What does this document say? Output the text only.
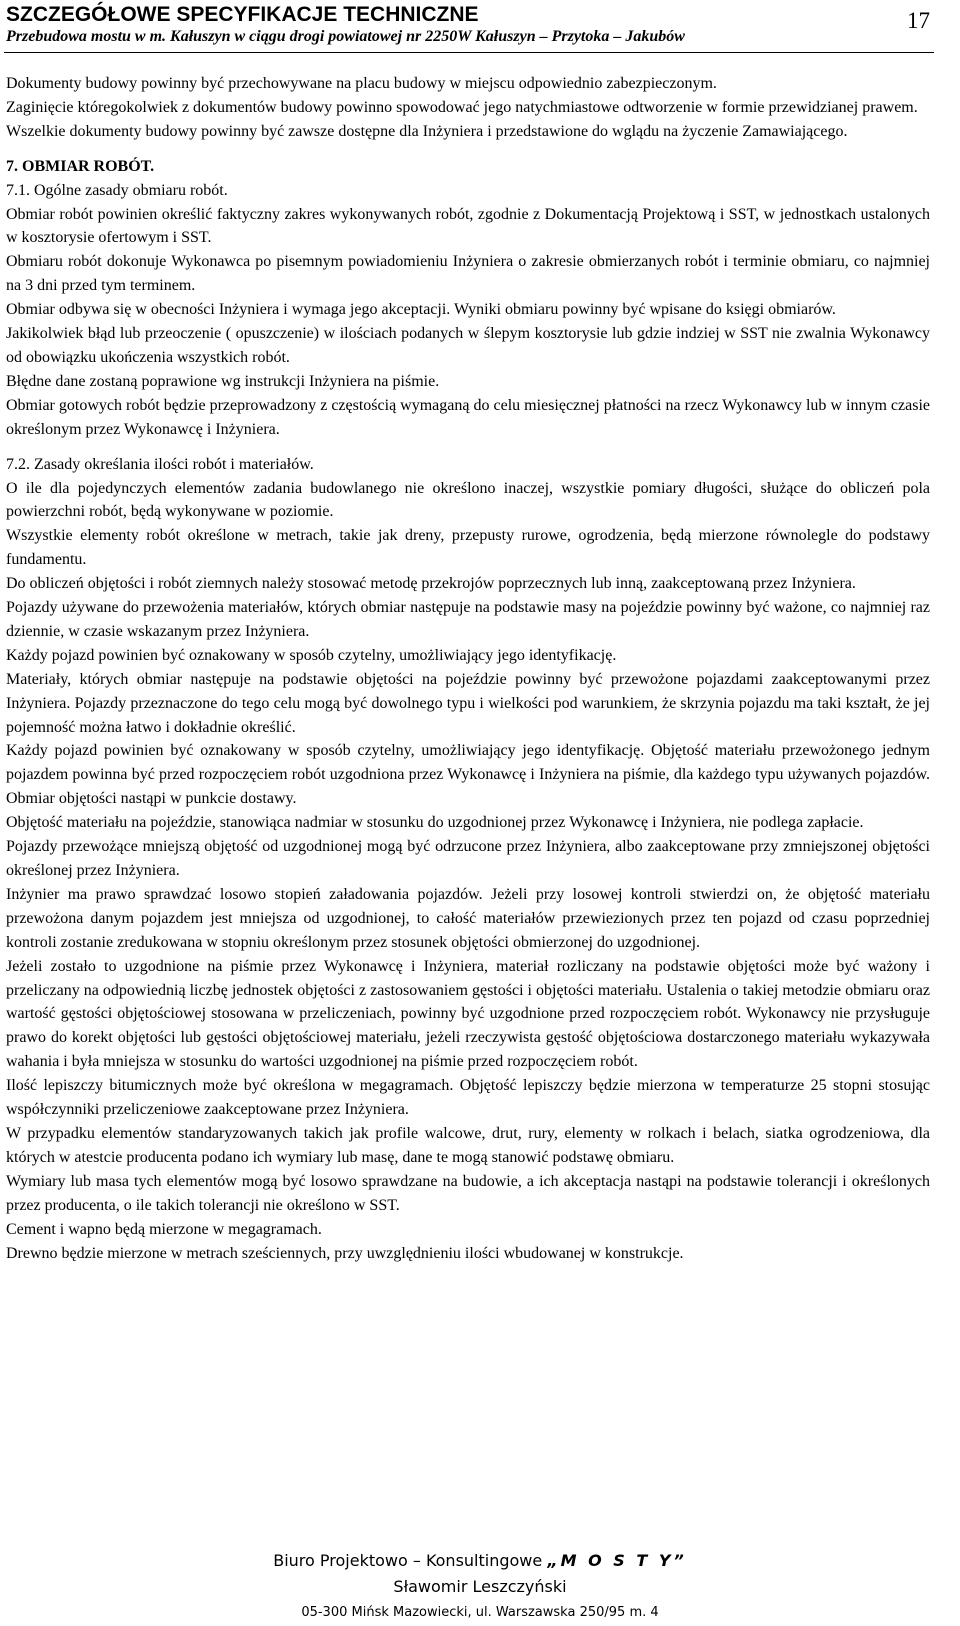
SZCZEGÓŁOWE SPECYFIKACJE TECHNICZNE
Przebudowa mostu w m. Kałuszyn w ciągu drogi powiatowej nr 2250W Kałuszyn – Przytoka – Jakubów
17

Dokumenty budowy powinny być przechowywane na placu budowy w miejscu odpowiednio zabezpieczonym.

Zaginięcie któregokolwiek z dokumentów budowy powinno spowodować jego natychmiastowe odtworzenie w formie przewidzianej prawem.

Wszelkie dokumenty budowy powinny być zawsze dostępne dla Inżyniera i przedstawione do wglądu na życzenie Zamawiającego.

7. OBMIAR ROBÓT.

7.1. Ogólne zasady obmiaru robót.

Obmiar robót powinien określić faktyczny zakres wykonywanych robót, zgodnie z Dokumentacją Projektową i SST, w jednostkach ustalonych w kosztorysie ofertowym i SST.

Obmiaru robót dokonuje Wykonawca po pisemnym powiadomieniu Inżyniera o zakresie obmierzanych robót i terminie obmiaru, co najmniej na 3 dni przed tym terminem.

Obmiar odbywa się w obecności Inżyniera i wymaga jego akceptacji. Wyniki obmiaru powinny być wpisane do księgi obmiarów.

Jakikolwiek błąd lub przeoczenie ( opuszczenie) w ilościach podanych w ślepym kosztorysie lub gdzie indziej w SST nie zwalnia Wykonawcy od obowiązku ukończenia wszystkich robót.

Błędne dane zostaną poprawione wg instrukcji Inżyniera na piśmie.

Obmiar gotowych robót będzie przeprowadzony z częstością wymaganą do celu miesięcznej płatności na rzecz Wykonawcy lub w innym czasie określonym przez Wykonawcę i Inżyniera.

7.2. Zasady określania ilości robót i materiałów.

O ile dla pojedynczych elementów zadania budowlanego nie określono inaczej, wszystkie pomiary długości, służące do obliczeń pola powierzchni robót, będą wykonywane w poziomie.

Wszystkie elementy robót określone w metrach, takie jak dreny, przepusty rurowe, ogrodzenia, będą mierzone równolegle do podstawy fundamentu.

Do obliczeń objętości i robót ziemnych należy stosować metodę przekrojów poprzecznych lub inną, zaakceptowaną przez Inżyniera.

Pojazdy używane do przewożenia materiałów, których obmiar następuje na podstawie masy na pojeździe powinny być ważone, co najmniej raz dziennie, w czasie wskazanym przez Inżyniera.

Każdy pojazd powinien być oznakowany w sposób czytelny, umożliwiający jego identyfikację.

Materiały, których obmiar następuje na podstawie objętości na pojeździe powinny być przewożone pojazdami zaakceptowanymi przez Inżyniera. Pojazdy przeznaczone do tego celu mogą być dowolnego typu i wielkości pod warunkiem, że skrzynia pojazdu ma taki kształt, że jej pojemność można łatwo i dokładnie określić.

Każdy pojazd powinien być oznakowany w sposób czytelny, umożliwiający jego identyfikację. Objętość materiału przewożonego jednym pojazdem powinna być przed rozpoczęciem robót uzgodniona przez Wykonawcę i Inżyniera na piśmie, dla każdego typu używanych pojazdów. Obmiar objętości nastąpi w punkcie dostawy.

Objętość materiału na pojeździe, stanowiąca nadmiar w stosunku do uzgodnionej przez Wykonawcę i Inżyniera, nie podlega zapłacie.

Pojazdy przewożące mniejszą objętość od uzgodnionej mogą być odrzucone przez Inżyniera, albo zaakceptowane przy zmniejszonej objętości określonej przez Inżyniera.

Inżynier ma prawo sprawdzać losowo stopień załadowania pojazdów. Jeżeli przy losowej kontroli stwierdzi on, że objętość materiału przewożona danym pojazdem jest mniejsza od uzgodnionej, to całość materiałów przewiezionych przez ten pojazd od czasu poprzedniej kontroli zostanie zredukowana w stopniu określonym przez stosunek objętości obmierzonej do uzgodnionej.

Jeżeli zostało to uzgodnione na piśmie przez Wykonawcę i Inżyniera, materiał rozliczany na podstawie objętości może być ważony i przeliczany na odpowiednią liczbę jednostek objętości z zastosowaniem gęstości i objętości materiału. Ustalenia o takiej metodzie obmiaru oraz wartość gęstości objętościowej stosowana w przeliczeniach, powinny być uzgodnione przed rozpoczęciem robót. Wykonawcy nie przysługuje prawo do korekt objętości lub gęstości objętościowej materiału, jeżeli rzeczywista gęstość objętościowa dostarczonego materiału wykazywała wahania i była mniejsza w stosunku do wartości uzgodnionej na piśmie przed rozpoczęciem robót.

Ilość lepiszczy bitumicznych może być określona w megagramach. Objętość lepiszczy będzie mierzona w temperaturze 25 stopni stosując współczynniki przeliczeniowe zaakceptowane przez Inżyniera.

W przypadku elementów standaryzowanych takich jak profile walcowe, drut, rury, elementy w rolkach i belach, siatka ogrodzeniowa, dla których w atestcie producenta podano ich wymiary lub masę, dane te mogą stanowić podstawę obmiaru.

Wymiary lub masa tych elementów mogą być losowo sprawdzane na budowie, a ich akceptacja nastąpi na podstawie tolerancji i określonych przez producenta, o ile takich tolerancji nie określono w SST.

Cement i wapno będą mierzone w megagramach.

Drewno będzie mierzone w metrach sześciennych, przy uwzględnieniu ilości wbudowanej w konstrukcje.

Biuro Projektowo – Konsultingowe „M O S T Y”
Sławomir Leszczyński
05-300 Mińsk Mazowiecki, ul. Warszawska 250/95 m. 4
